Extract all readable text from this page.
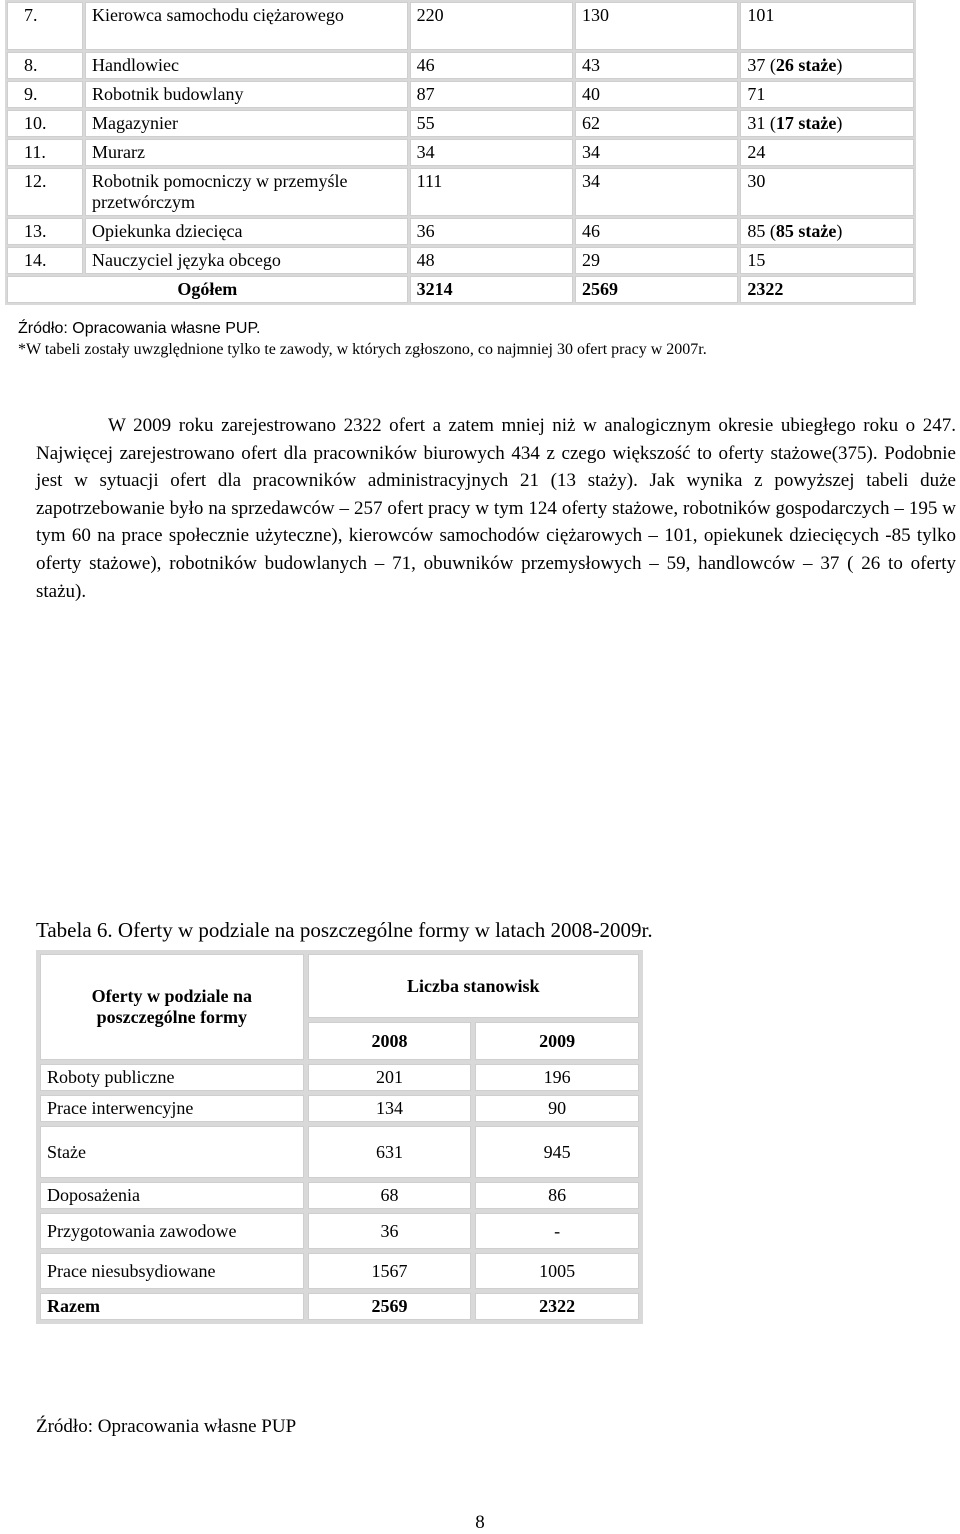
7.	Kierowca samochodu ciężarowego	220	130	101
8.	Handlowiec	46	43	37 (26 staże)
9.	Robotnik budowlany	87	40	71
10.	Magazynier	55	62	31 (17 staże)
11.	Murarz	34	34	24
12.	Robotnik pomocniczy w przemyśle przetwórczym	111	34	30
13.	Opiekunka dziecięca	36	46	85 (85 staże)
14.	Nauczyciel języka obcego	48	29	15
Ogółem		3214	2569	2322
Źródło: Opracowania własne PUP.
*W tabeli zostały uwzględnione tylko te zawody, w których zgłoszono, co najmniej 30 ofert pracy w 2007r.
W 2009 roku zarejestrowano 2322 ofert a zatem mniej niż w analogicznym okresie ubiegłego roku o 247. Najwięcej zarejestrowano ofert dla pracowników biurowych 434 z czego większość to oferty stażowe(375). Podobnie jest w sytuacji ofert dla pracowników administracyjnych 21 (13 staży). Jak wynika z powyższej tabeli duże zapotrzebowanie było na sprzedawców – 257 ofert pracy w tym 124 oferty stażowe, robotników gospodarczych – 195 w tym 60 na prace społecznie użyteczne), kierowców samochodów ciężarowych – 101, opiekunek dziecięcych -85 tylko oferty stażowe), robotników budowlanych – 71, obuwników przemysłowych – 59, handlowców – 37 ( 26 to oferty stażu).
Tabela 6. Oferty w podziale na poszczególne formy w latach 2008-2009r.
Oferty w podziale na poszczególne formy	Liczba stanowisk	
	2008	2009
Roboty publiczne	201	196
Prace interwencyjne	134	90
Staże	631	945
Doposażenia	68	86
Przygotowania zawodowe	36	-
Prace niesubsydiowane	1567	1005
Razem	2569	2322
Źródło: Opracowania własne PUP
8
